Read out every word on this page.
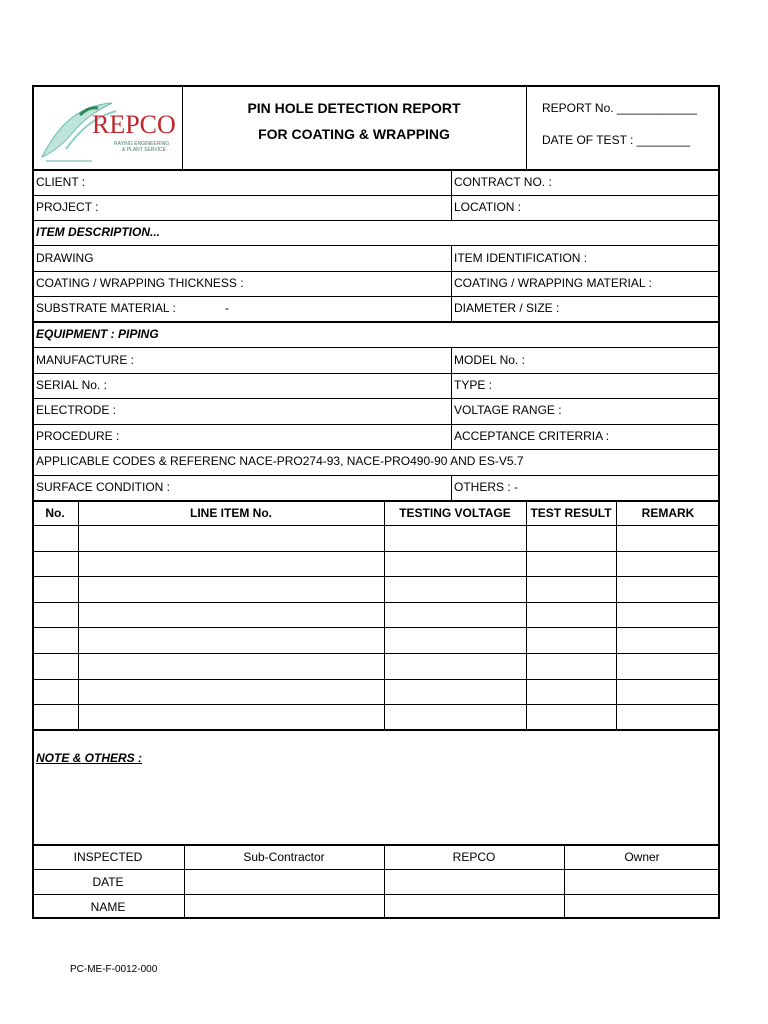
REPCO
RAYING ENGINEERING
& PLANT SERVICE
PIN HOLE DETECTION REPORT
FOR COATING & WRAPPING
REPORT No. ____________
DATE OF TEST : ________
CLIENT :	CONTRACT NO. :
PROJECT :	LOCATION :
ITEM DESCRIPTION...
DRAWING	ITEM IDENTIFICATION :
COATING / WRAPPING THICKNESS :	COATING / WRAPPING MATERIAL :
SUBSTRATE MATERIAL :	-	DIAMETER / SIZE :
EQUIPMENT : PIPING
MANUFACTURE :	MODEL No. :
SERIAL No. :	TYPE :
ELECTRODE :	VOLTAGE RANGE :
PROCEDURE :	ACCEPTANCE CRITERRIA :
APPLICABLE CODES & REFERENC NACE-PRO274-93, NACE-PRO490-90 AND ES-V5.7
SURFACE CONDITION :	OTHERS : -
No.	LINE ITEM No.	TESTING VOLTAGE	TEST RESULT	REMARK
NOTE & OTHERS :
INSPECTED	Sub-Contractor	REPCO	Owner
DATE
NAME
PC-ME-F-0012-000
